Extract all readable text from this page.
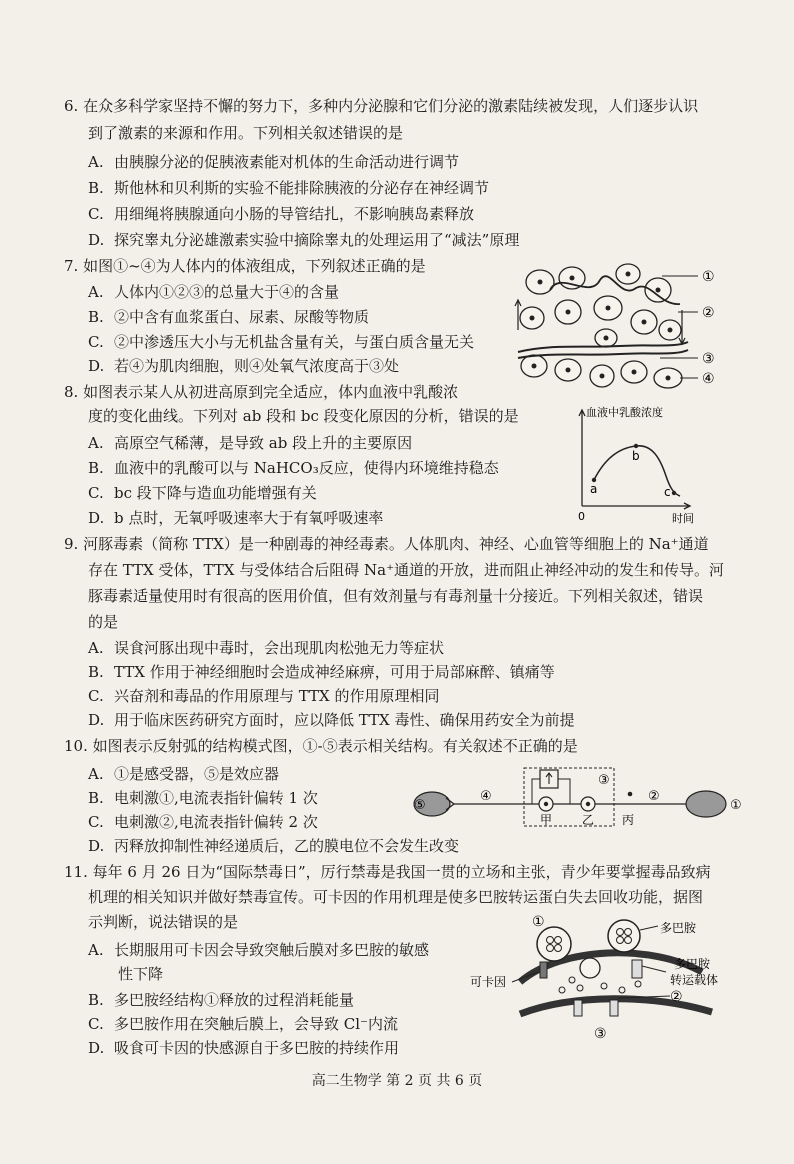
6. 在众多科学家坚持不懈的努力下，多种内分泌腺和它们分泌的激素陆续被发现，人们逐步认识
到了激素的来源和作用。下列相关叙述错误的是
A. 由胰腺分泌的促胰液素能对机体的生命活动进行调节
B. 斯他林和贝利斯的实验不能排除胰液的分泌存在神经调节
C. 用细绳将胰腺通向小肠的导管结扎，不影响胰岛素释放
D. 探究睾丸分泌雄激素实验中摘除睾丸的处理运用了“减法”原理
7. 如图①~④为人体内的体液组成，下列叙述正确的是
A. 人体内①②③的总量大于④的含量
B. ②中含有血浆蛋白、尿素、尿酸等物质
C. ②中渗透压大小与无机盐含量有关，与蛋白质含量无关
D. 若④为肌肉细胞，则④处氧气浓度高于③处
①
②
③
④
8. 如图表示某人从初进高原到完全适应，体内血液中乳酸浓
度的变化曲线。下列对 ab 段和 bc 段变化原因的分析，错误的是
A. 高原空气稀薄，是导致 ab 段上升的主要原因
B. 血液中的乳酸可以与 NaHCO₃反应，使得内环境维持稳态
C. bc 段下降与造血功能增强有关
D. b 点时，无氧呼吸速率大于有氧呼吸速率
血液中乳酸浓度
a
b
c
0	时间
9. 河豚毒素（简称 TTX）是一种剧毒的神经毒素。人体肌肉、神经、心血管等细胞上的 Na⁺通道
存在 TTX 受体，TTX 与受体结合后阻碍 Na⁺通道的开放，进而阻止神经冲动的发生和传导。河
豚毒素适量使用时有很高的医用价值，但有效剂量与有毒剂量十分接近。下列相关叙述，错误
的是
A. 误食河豚出现中毒时，会出现肌肉松弛无力等症状
B. TTX 作用于神经细胞时会造成神经麻痹，可用于局部麻醉、镇痛等
C. 兴奋剂和毒品的作用原理与 TTX 的作用原理相同
D. 用于临床医药研究方面时，应以降低 TTX 毒性、确保用药安全为前提
10. 如图表示反射弧的结构模式图，①-⑤表示相关结构。有关叙述不正确的是
A. ①是感受器，⑤是效应器
B. 电刺激①,电流表指针偏转 1 次
C. 电刺激②,电流表指针偏转 2 次
D. 丙释放抑制性神经递质后，乙的膜电位不会发生改变
⑤
④
③
甲 乙 丙
②
①
11. 每年 6 月 26 日为“国际禁毒日”，厉行禁毒是我国一贯的立场和主张，青少年要掌握毒品致病
机理的相关知识并做好禁毒宣传。可卡因的作用机理是使多巴胺转运蛋白失去回收功能，据图
示判断，说法错误的是
A. 长期服用可卡因会导致突触后膜对多巴胺的敏感
性下降
B. 多巴胺经结构①释放的过程消耗能量
C. 多巴胺作用在突触后膜上，会导致 Cl⁻内流
D. 吸食可卡因的快感源自于多巴胺的持续作用
①	多巴胺
多巴胺
转运载体
②
③
可卡因
高二生物学 第 2 页 共 6 页
